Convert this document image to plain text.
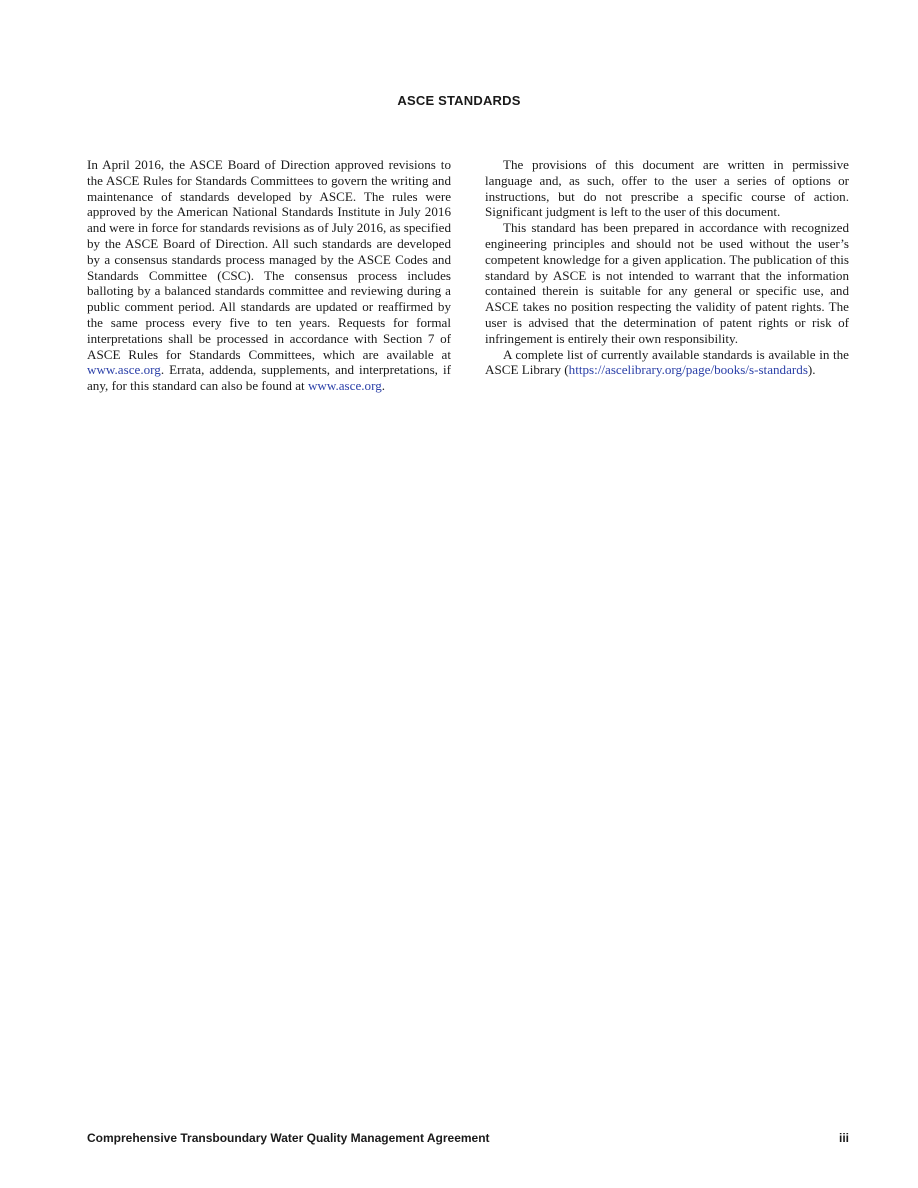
ASCE STANDARDS

In April 2016, the ASCE Board of Direction approved revisions to the ASCE Rules for Standards Committees to govern the writing and maintenance of standards developed by ASCE. The rules were approved by the American National Standards Institute in July 2016 and were in force for standards revisions as of July 2016, as specified by the ASCE Board of Direction. All such standards are developed by a consensus standards process managed by the ASCE Codes and Standards Committee (CSC). The consensus process includes balloting by a balanced standards committee and reviewing during a public comment period. All standards are updated or reaffirmed by the same process every five to ten years. Requests for formal interpretations shall be processed in accordance with Section 7 of ASCE Rules for Standards Committees, which are available at www.asce.org. Errata, addenda, supplements, and interpretations, if any, for this standard can also be found at www.asce.org.

The provisions of this document are written in permissive language and, as such, offer to the user a series of options or instructions, but do not prescribe a specific course of action. Significant judgment is left to the user of this document.

This standard has been prepared in accordance with recognized engineering principles and should not be used without the user’s competent knowledge for a given application. The publication of this standard by ASCE is not intended to warrant that the information contained therein is suitable for any general or specific use, and ASCE takes no position respecting the validity of patent rights. The user is advised that the determination of patent rights or risk of infringement is entirely their own responsibility.

A complete list of currently available standards is available in the ASCE Library (https://ascelibrary.org/page/books/s-standards).

Comprehensive Transboundary Water Quality Management Agreement	iii
